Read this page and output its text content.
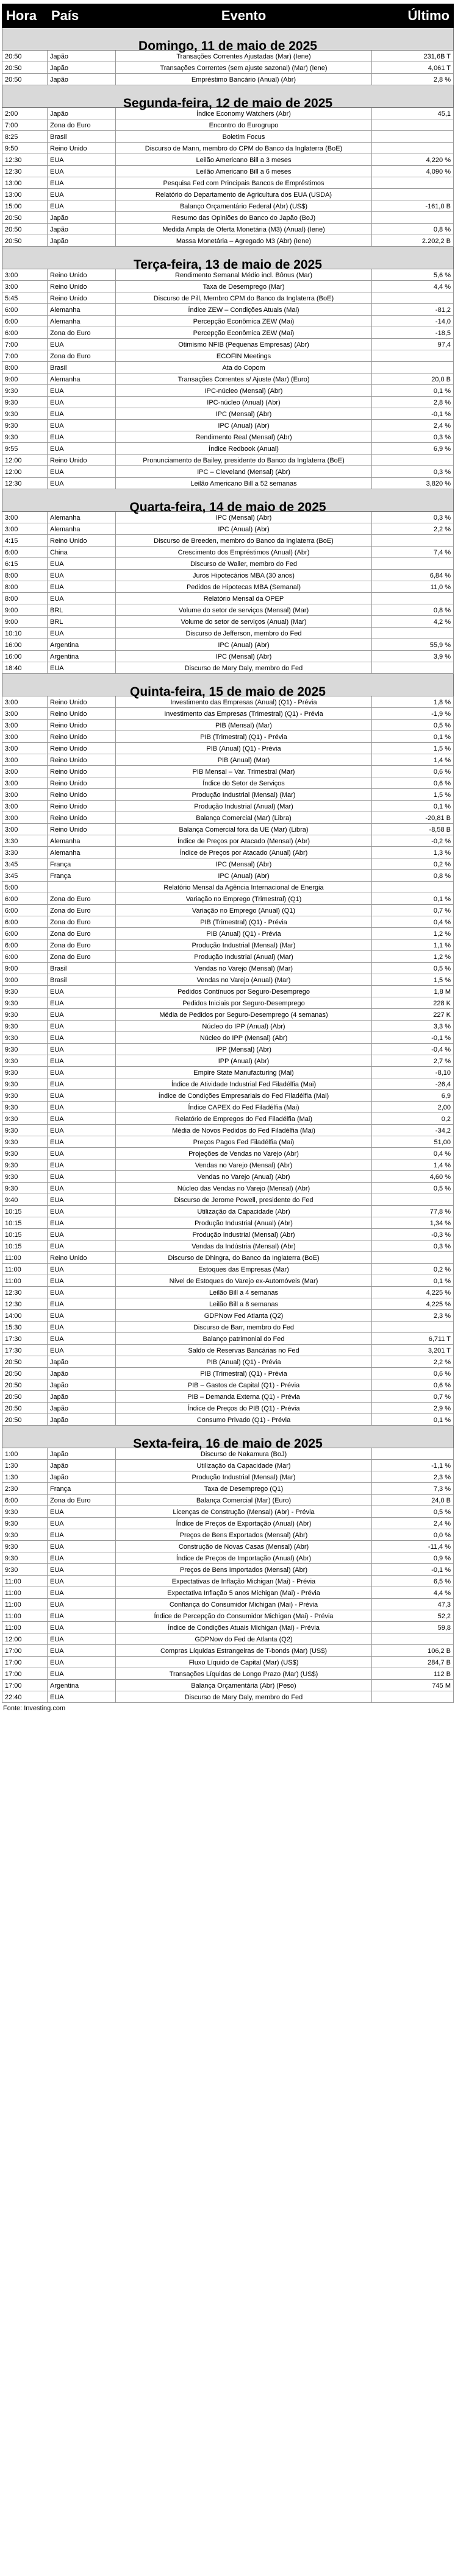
Hora	País	Evento	Último
Domingo, 11 de maio de 2025			
20:50	Japão	Transações Correntes Ajustadas (Mar) (Iene)	231,6B T
20:50	Japão	Transações Correntes (sem ajuste sazonal) (Mar) (Iene)	4,061 T
20:50	Japão	Empréstimo Bancário (Anual) (Abr)	2,8 %
Segunda-feira, 12 de maio de 2025			
2:00	Japão	Índice Economy Watchers (Abr)	45,1
7:00	Zona do Euro	Encontro do Eurogrupo	
8:25	Brasil	Boletim Focus	
9:50	Reino Unido	Discurso de Mann, membro do CPM do Banco da Inglaterra (BoE)	
12:30	EUA	Leilão Americano Bill a 3 meses	4,220 %
12:30	EUA	Leilão Americano Bill a 6 meses	4,090 %
13:00	EUA	Pesquisa Fed com Principais Bancos de Empréstimos	
13:00	EUA	Relatório do Departamento de Agricultura dos EUA (USDA)	
15:00	EUA	Balanço Orçamentário Federal (Abr) (US$)	-161,0 B
20:50	Japão	Resumo das Opiniões do Banco do Japão (BoJ)	
20:50	Japão	Medida Ampla de Oferta Monetária (M3) (Anual) (Iene)	0,8 %
20:50	Japão	Massa Monetária – Agregado M3 (Abr) (Iene)	2.202,2 B
Terça-feira, 13 de maio de 2025			
3:00	Reino Unido	Rendimento Semanal Médio incl. Bônus (Mar)	5,6 %
3:00	Reino Unido	Taxa de Desemprego (Mar)	4,4 %
5:45	Reino Unido	Discurso de Pill, Membro CPM do Banco da Inglaterra (BoE)	
6:00	Alemanha	Índice ZEW – Condições Atuais (Mai)	-81,2
6:00	Alemanha	Percepção Econômica ZEW (Mai)	-14,0
6:00	Zona do Euro	Percepção Econômica ZEW (Mai)	-18,5
7:00	EUA	Otimismo NFIB (Pequenas Empresas) (Abr)	97,4
7:00	Zona do Euro	ECOFIN Meetings	
8:00	Brasil	Ata do Copom	
9:00	Alemanha	Transações Correntes s/ Ajuste (Mar) (Euro)	20,0 B
9:30	EUA	IPC-núcleo (Mensal) (Abr)	0,1 %
9:30	EUA	IPC-núcleo (Anual) (Abr)	2,8 %
9:30	EUA	IPC (Mensal) (Abr)	-0,1 %
9:30	EUA	IPC (Anual) (Abr)	2,4 %
9:30	EUA	Rendimento Real (Mensal) (Abr)	0,3 %
9:55	EUA	Índice Redbook (Anual)	6,9 %
12:00	Reino Unido	Pronunciamento de Bailey, presidente do Banco da Inglaterra (BoE)	
12:00	EUA	IPC – Cleveland (Mensal) (Abr)	0,3 %
12:30	EUA	Leilão Americano Bill a 52 semanas	3,820 %
Quarta-feira, 14 de maio de 2025			
3:00	Alemanha	IPC (Mensal) (Abr)	0,3 %
3:00	Alemanha	IPC (Anual) (Abr)	2,2 %
4:15	Reino Unido	Discurso de Breeden, membro do Banco da Inglaterra (BoE)	
6:00	China	Crescimento dos Empréstimos (Anual) (Abr)	7,4 %
6:15	EUA	Discurso de Waller, membro do Fed	
8:00	EUA	Juros Hipotecários MBA (30 anos)	6,84 %
8:00	EUA	Pedidos de Hipotecas MBA (Semanal)	11,0 %
8:00	EUA	Relatório Mensal da OPEP	
9:00	BRL	Volume do setor de serviços (Mensal) (Mar)	0,8 %
9:00	BRL	Volume do setor de serviços (Anual) (Mar)	4,2 %
10:10	EUA	Discurso de Jefferson, membro do Fed	
16:00	Argentina	IPC (Anual) (Abr)	55,9 %
16:00	Argentina	IPC (Mensal) (Abr)	3,9 %
18:40	EUA	Discurso de Mary Daly, membro do Fed	
Quinta-feira, 15 de maio de 2025			
3:00	Reino Unido	Investimento das Empresas (Anual) (Q1) - Prévia	1,8 %
3:00	Reino Unido	Investimento das Empresas (Trimestral) (Q1) - Prévia	-1,9 %
3:00	Reino Unido	PIB (Mensal) (Mar)	0,5 %
3:00	Reino Unido	PIB (Trimestral) (Q1) - Prévia	0,1 %
3:00	Reino Unido	PIB (Anual) (Q1) - Prévia	1,5 %
3:00	Reino Unido	PIB (Anual) (Mar)	1,4 %
3:00	Reino Unido	PIB Mensal – Var. Trimestral (Mar)	0,6 %
3:00	Reino Unido	Índice do Setor de Serviços	0,6 %
3:00	Reino Unido	Produção Industrial (Mensal) (Mar)	1,5 %
3:00	Reino Unido	Produção Industrial (Anual) (Mar)	0,1 %
3:00	Reino Unido	Balança Comercial (Mar) (Libra)	-20,81 B
3:00	Reino Unido	Balança Comercial fora da UE (Mar) (Libra)	-8,58 B
3:30	Alemanha	Índice de Preços por Atacado (Mensal) (Abr)	-0,2 %
3:30	Alemanha	Índice de Preços por Atacado (Anual) (Abr)	1,3 %
3:45	França	IPC (Mensal) (Abr)	0,2 %
3:45	França	IPC (Anual) (Abr)	0,8 %
5:00		Relatório Mensal da Agência Internacional de Energia	
6:00	Zona do Euro	Variação no Emprego (Trimestral) (Q1)	0,1 %
6:00	Zona do Euro	Variação no Emprego (Anual) (Q1)	0,7 %
6:00	Zona do Euro	PIB (Trimestral) (Q1) - Prévia	0,4 %
6:00	Zona do Euro	PIB (Anual) (Q1) - Prévia	1,2 %
6:00	Zona do Euro	Produção Industrial (Mensal) (Mar)	1,1 %
6:00	Zona do Euro	Produção Industrial (Anual) (Mar)	1,2 %
9:00	Brasil	Vendas no Varejo (Mensal) (Mar)	0,5 %
9:00	Brasil	Vendas no Varejo (Anual) (Mar)	1,5 %
9:30	EUA	Pedidos Contínuos por Seguro-Desemprego	1,8 M
9:30	EUA	Pedidos Iniciais por Seguro-Desemprego	228 K
9:30	EUA	Média de Pedidos por Seguro-Desemprego (4 semanas)	227 K
9:30	EUA	Núcleo do IPP (Anual) (Abr)	3,3 %
9:30	EUA	Núcleo do IPP (Mensal) (Abr)	-0,1 %
9:30	EUA	IPP (Mensal) (Abr)	-0,4 %
9:30	EUA	IPP (Anual) (Abr)	2,7 %
9:30	EUA	Empire State Manufacturing (Mai)	-8,10
9:30	EUA	Índice de Atividade Industrial Fed Filadélfia (Mai)	-26,4
9:30	EUA	Índice de Condições Empresariais do Fed Filadélfia (Mai)	6,9
9:30	EUA	Índice CAPEX do Fed Filadélfia (Mai)	2,00
9:30	EUA	Relatório de Empregos do Fed Filadélfia (Mai)	0,2
9:30	EUA	Média de Novos Pedidos do Fed Filadélfia (Mai)	-34,2
9:30	EUA	Preços Pagos Fed Filadélfia (Mai)	51,00
9:30	EUA	Projeções de Vendas no Varejo (Abr)	0,4 %
9:30	EUA	Vendas no Varejo (Mensal) (Abr)	1,4 %
9:30	EUA	Vendas no Varejo (Anual) (Abr)	4,60 %
9:30	EUA	Núcleo das Vendas no Varejo (Mensal) (Abr)	0,5 %
9:40	EUA	Discurso de Jerome Powell, presidente do Fed	
10:15	EUA	Utilização da Capacidade (Abr)	77,8 %
10:15	EUA	Produção Industrial (Anual) (Abr)	1,34 %
10:15	EUA	Produção Industrial (Mensal) (Abr)	-0,3 %
10:15	EUA	Vendas da Indústria (Mensal) (Abr)	0,3 %
11:00	Reino Unido	Discurso de Dhingra, do Banco da Inglaterra (BoE)	
11:00	EUA	Estoques das Empresas (Mar)	0,2 %
11:00	EUA	Nível de Estoques do Varejo ex-Automóveis (Mar)	0,1 %
12:30	EUA	Leilão Bill a 4 semanas	4,225 %
12:30	EUA	Leilão Bill a 8 semanas	4,225 %
14:00	EUA	GDPNow Fed Atlanta (Q2)	2,3 %
15:30	EUA	Discurso de Barr, membro do Fed	
17:30	EUA	Balanço patrimonial do Fed	6,711 T
17:30	EUA	Saldo de Reservas Bancárias no Fed	3,201 T
20:50	Japão	PIB (Anual) (Q1) - Prévia	2,2 %
20:50	Japão	PIB (Trimestral) (Q1) - Prévia	0,6 %
20:50	Japão	PIB – Gastos de Capital (Q1) - Prévia	0,6 %
20:50	Japão	PIB – Demanda Externa (Q1) - Prévia	0,7 %
20:50	Japão	Índice de Preços do PIB (Q1) - Prévia	2,9 %
20:50	Japão	Consumo Privado (Q1) - Prévia	0,1 %
Sexta-feira, 16 de maio de 2025			
1:00	Japão	Discurso de Nakamura (BoJ)	
1:30	Japão	Utilização da Capacidade (Mar)	-1,1 %
1:30	Japão	Produção Industrial (Mensal) (Mar)	2,3 %
2:30	França	Taxa de Desemprego (Q1)	7,3 %
6:00	Zona do Euro	Balança Comercial (Mar) (Euro)	24,0 B
9:30	EUA	Licenças de Construção (Mensal) (Abr) - Prévia	0,5 %
9:30	EUA	Índice de Preços de Exportação (Anual) (Abr)	2,4 %
9:30	EUA	Preços de Bens Exportados (Mensal) (Abr)	0,0 %
9:30	EUA	Construção de Novas Casas (Mensal) (Abr)	-11,4 %
9:30	EUA	Índice de Preços de Importação (Anual) (Abr)	0,9 %
9:30	EUA	Preços de Bens Importados (Mensal) (Abr)	-0,1 %
11:00	EUA	Expectativas de Inflação Michigan (Mai) - Prévia	6,5 %
11:00	EUA	Expectativa Inflação 5 anos Michigan (Mai) - Prévia	4,4 %
11:00	EUA	Confiança do Consumidor Michigan (Mai) - Prévia	47,3
11:00	EUA	Índice de Percepção do Consumidor Michigan (Mai) - Prévia	52,2
11:00	EUA	Índice de Condições Atuais Michigan (Mai) - Prévia	59,8
12:00	EUA	GDPNow do Fed de Atlanta (Q2)	
17:00	EUA	Compras Líquidas Estrangeiras de T-bonds (Mar) (US$)	106,2 B
17:00	EUA	Fluxo Líquido de Capital (Mar) (US$)	284,7 B
17:00	EUA	Transações Líquidas de Longo Prazo (Mar) (US$)	112 B
17:00	Argentina	Balança Orçamentária (Abr) (Peso)	745 M
22:40	EUA	Discurso de Mary Daly, membro do Fed	
Fonte: Investing.com
